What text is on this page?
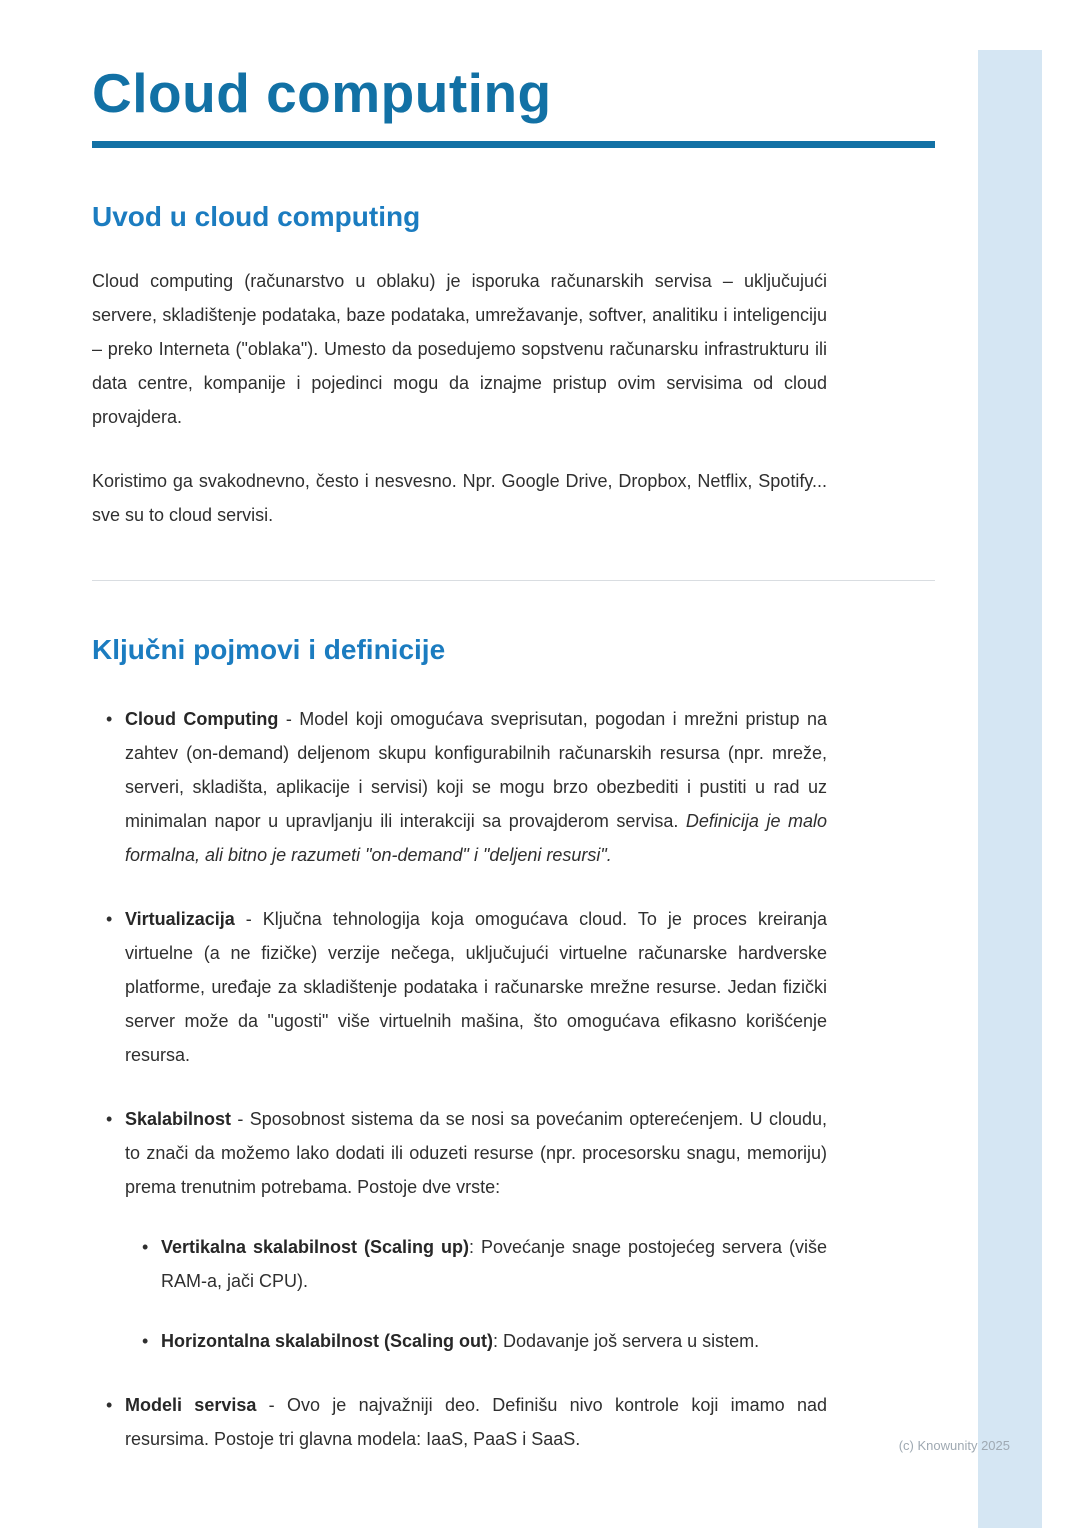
Cloud computing
Uvod u cloud computing

Cloud computing (računarstvo u oblaku) je isporuka računarskih servisa – uključujući servere, skladištenje podataka, baze podataka, umrežavanje, softver, analitiku i inteligenciju – preko Interneta ("oblaka"). Umesto da posedujemo sopstvenu računarsku infrastrukturu ili data centre, kompanije i pojedinci mogu da iznajme pristup ovim servisima od cloud provajdera.

Koristimo ga svakodnevno, često i nesvesno. Npr. Google Drive, Dropbox, Netflix, Spotify... sve su to cloud servisi.

Ključni pojmovi i definicije
• Cloud Computing - Model koji omogućava sveprisutan, pogodan i mrežni pristup na zahtev (on-demand) deljenom skupu konfigurabilnih računarskih resursa (npr. mreže, serveri, skladišta, aplikacije i servisi) koji se mogu brzo obezbediti i pustiti u rad uz minimalan napor u upravljanju ili interakciji sa provajderom servisa. Definicija je malo formalna, ali bitno je razumeti "on-demand" i "deljeni resursi".
• Virtualizacija - Ključna tehnologija koja omogućava cloud. To je proces kreiranja virtuelne (a ne fizičke) verzije nečega, uključujući virtuelne računarske hardverske platforme, uređaje za skladištenje podataka i računarske mrežne resurse. Jedan fizički server može da "ugosti" više virtuelnih mašina, što omogućava efikasno korišćenje resursa.
• Skalabilnost - Sposobnost sistema da se nosi sa povećanim opterećenjem. U cloudu, to znači da možemo lako dodati ili oduzeti resurse (npr. procesorsku snagu, memoriju) prema trenutnim potrebama. Postoje dve vrste:
• Vertikalna skalabilnost (Scaling up): Povećanje snage postojećeg servera (više RAM-a, jači CPU).
• Horizontalna skalabilnost (Scaling out): Dodavanje još servera u sistem.
• Modeli servisa - Ovo je najvažniji deo. Definišu nivo kontrole koji imamo nad resursima. Postoje tri glavna modela: IaaS, PaaS i SaaS.	(c) Knowunity 2025
